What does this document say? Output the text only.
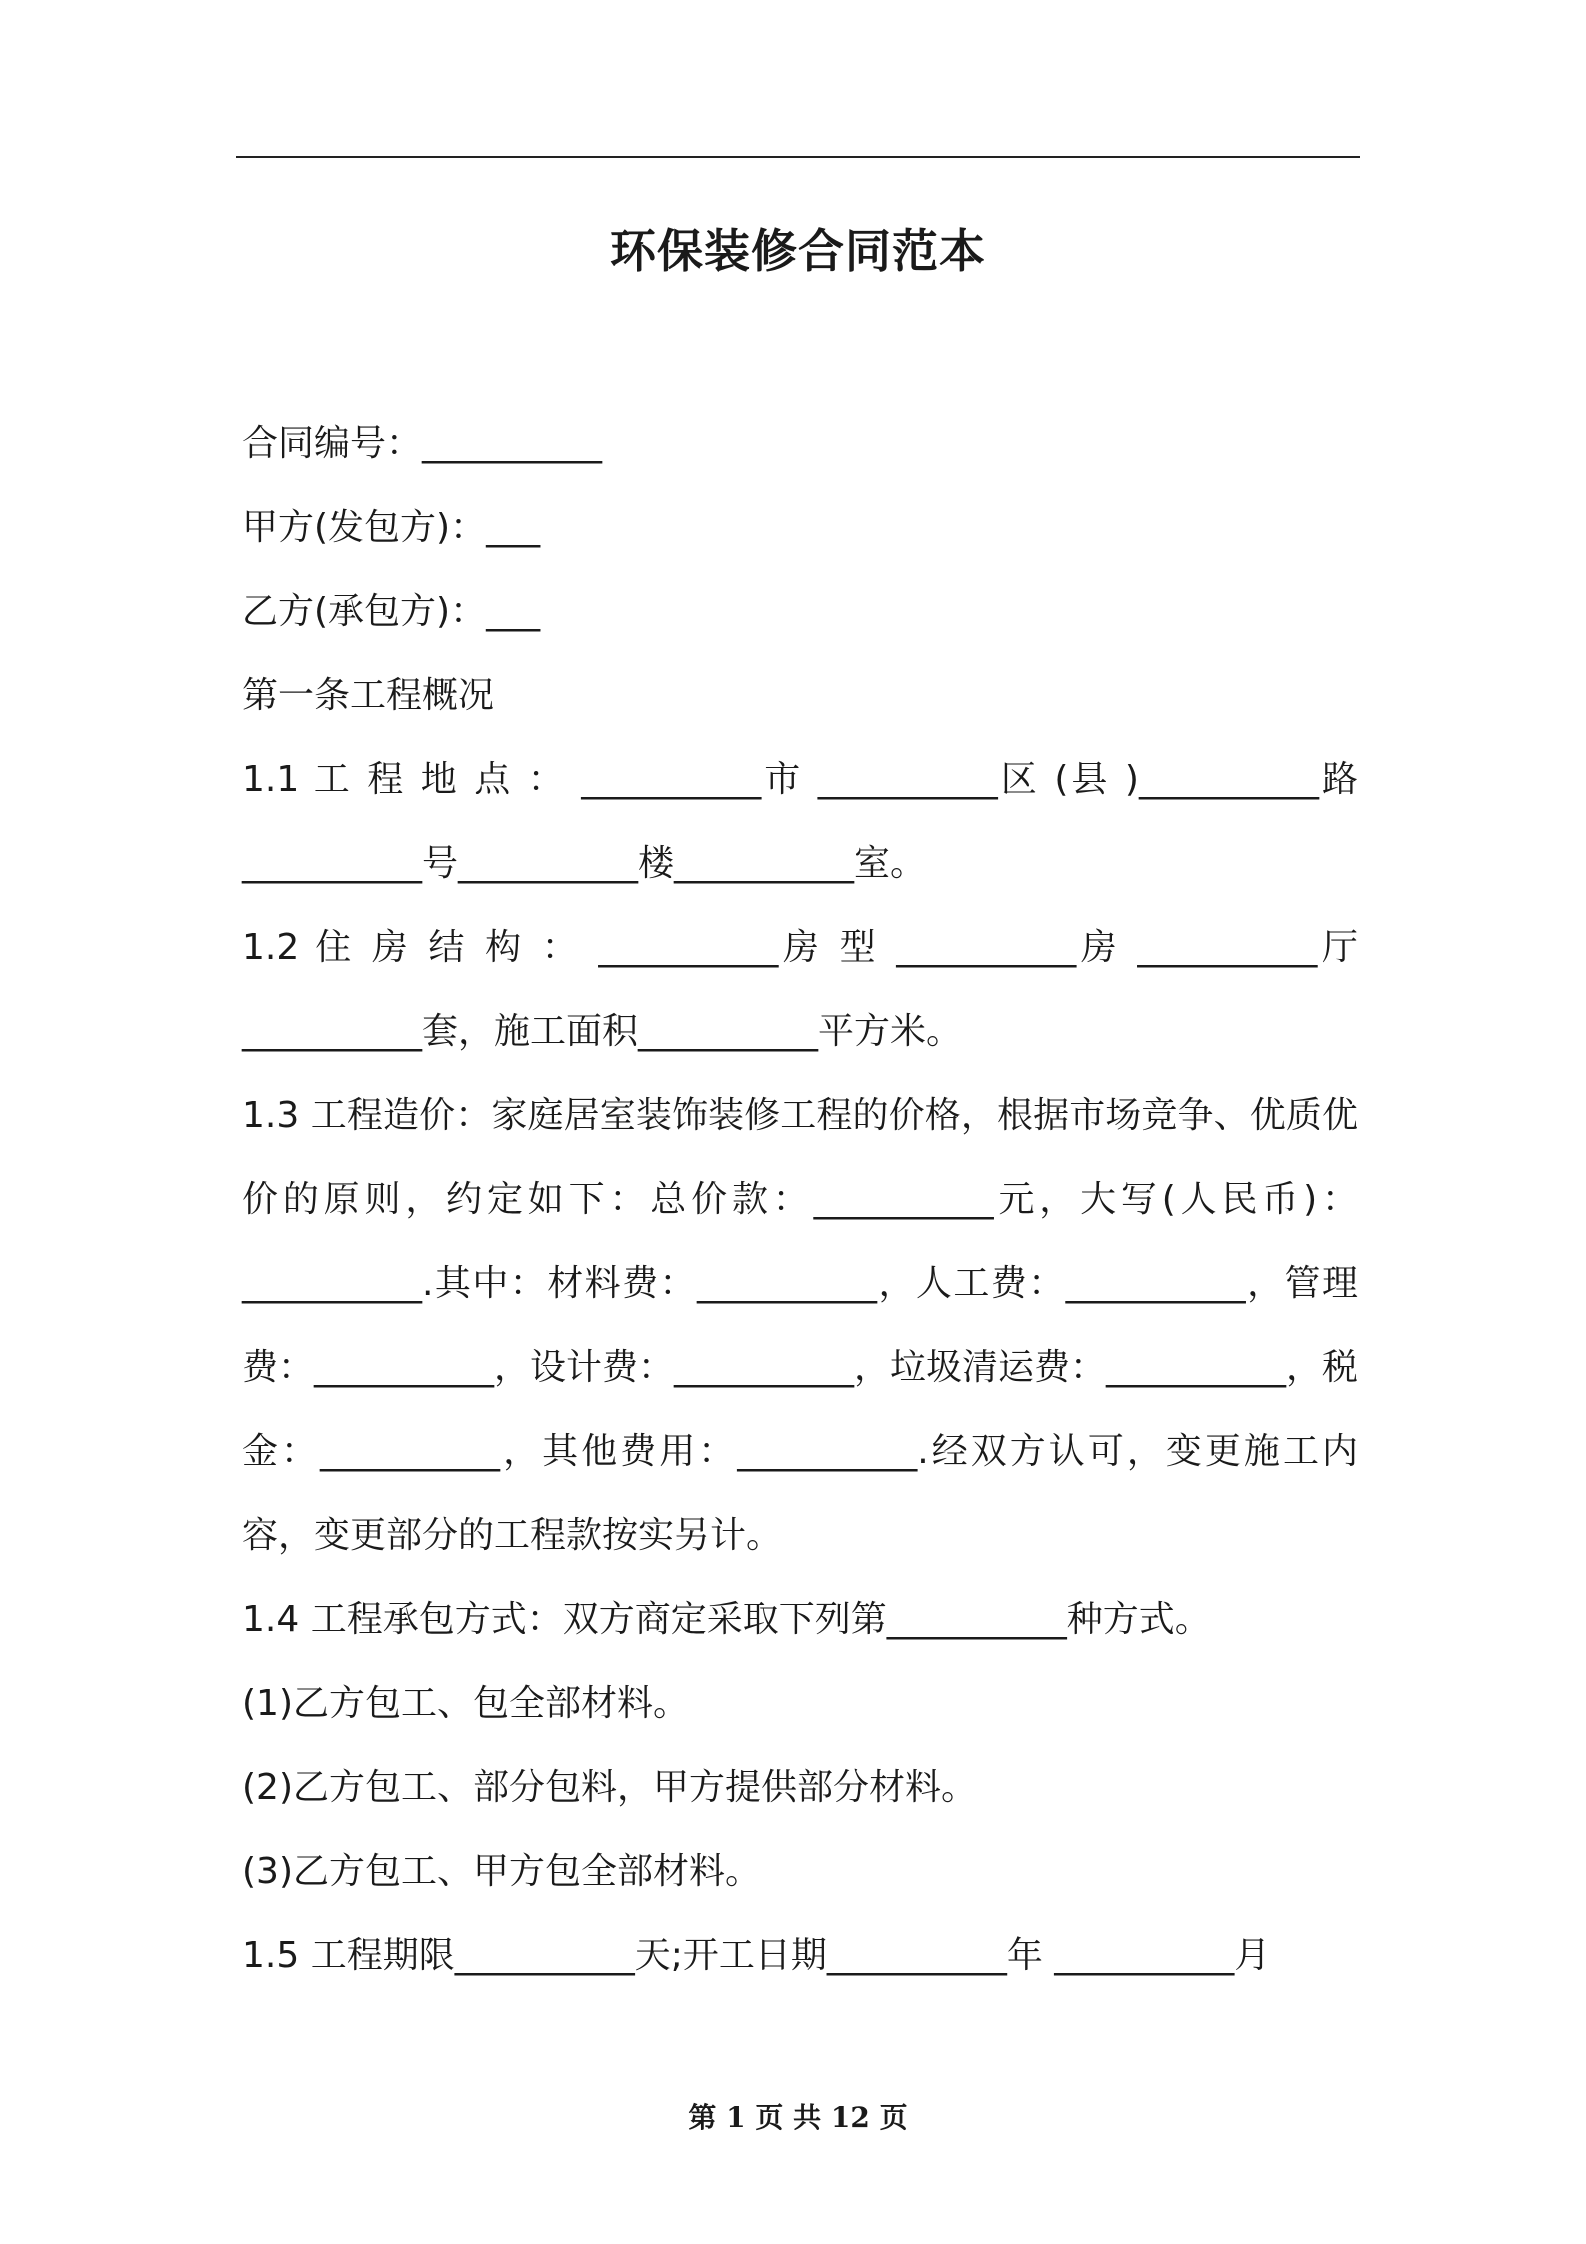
环保装修合同范本

合同编号：__________

甲方(发包方)：___

乙方(承包方)：___

第一条工程概况

1.1 工 程 地 点 ： __________市 __________区 (县 )__________路 __________号__________楼__________室。

1.2 住 房 结 构 ： __________房 型 __________房 __________厅 __________套，施工面积__________平方米。

1.3 工程造价：家庭居室装饰装修工程的价格，根据市场竞争、优质优价的原则，约定如下：总价款：__________元，大写(人民币)：__________.其中：材料费：__________，人工费：__________，管理费：__________，设计费：__________，垃圾清运费：__________，税金：__________，其他费用：__________.经双方认可，变更施工内容，变更部分的工程款按实另计。

1.4 工程承包方式：双方商定采取下列第__________种方式。

(1)乙方包工、包全部材料。

(2)乙方包工、部分包料，甲方提供部分材料。

(3)乙方包工、甲方包全部材料。

1.5 工程期限__________天;开工日期__________年 __________月

第 1 页 共 12 页
